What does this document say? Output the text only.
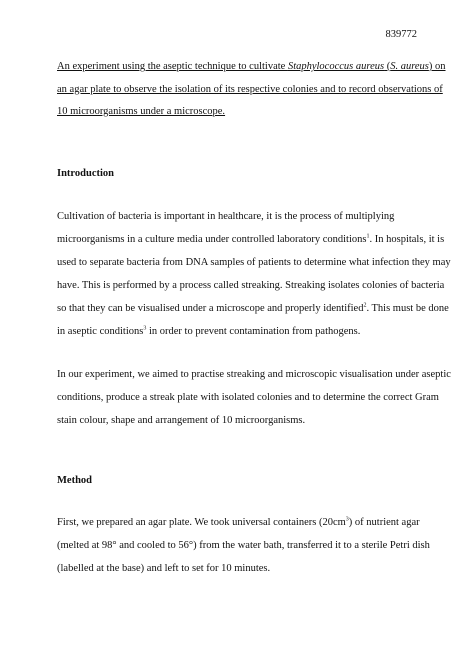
839772
An experiment using the aseptic technique to cultivate Staphylococcus aureus (S. aureus) on
an agar plate to observe the isolation of its respective colonies and to record observations of
10 microorganisms under a microscope.
Introduction
Cultivation of bacteria is important in healthcare, it is the process of multiplying
microorganisms in a culture media under controlled laboratory conditions$^1$. In hospitals, it is
used to separate bacteria from DNA samples of patients to determine what infection they may
have. This is performed by a process called streaking. Streaking isolates colonies of bacteria
so that they can be visualised under a microscope and properly identified$^2$. This must be done
in aseptic conditions$^3$ in order to prevent contamination from pathogens.
In our experiment, we aimed to practise streaking and microscopic visualisation under aseptic
conditions, produce a streak plate with isolated colonies and to determine the correct Gram
stain colour, shape and arrangement of 10 microorganisms.
Method
First, we prepared an agar plate. We took universal containers $(20cm^3)$ of nutrient agar
(melted at 98° and cooled to 56°) from the water bath, transferred it to a sterile Petri dish
(labelled at the base) and left to set for 10 minutes.
